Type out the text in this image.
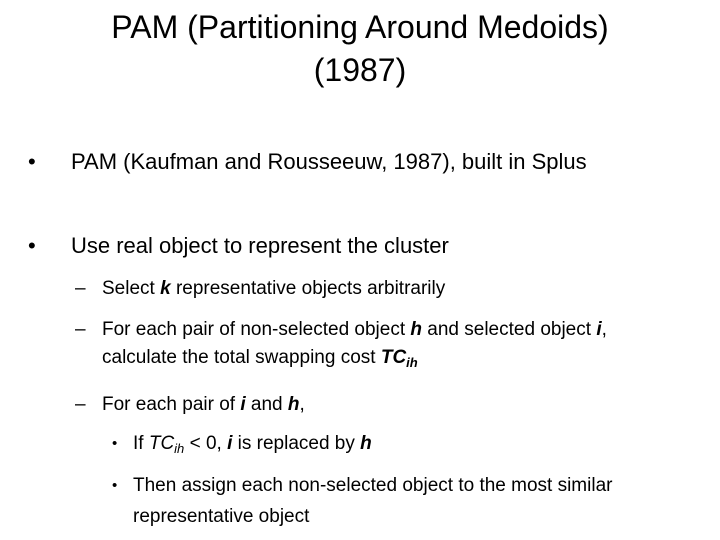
PAM (Partitioning Around Medoids)
(1987)
• PAM (Kaufman and Rousseeuw, 1987), built in Splus
• Use real object to represent the cluster
– Select k representative objects arbitrarily
– For each pair of non-selected object h and selected object i, calculate the total swapping cost $TC_{ih}$
– For each pair of i and h,
• If $TC_{ih} < 0$, i is replaced by h
• Then assign each non-selected object to the most similar representative object
